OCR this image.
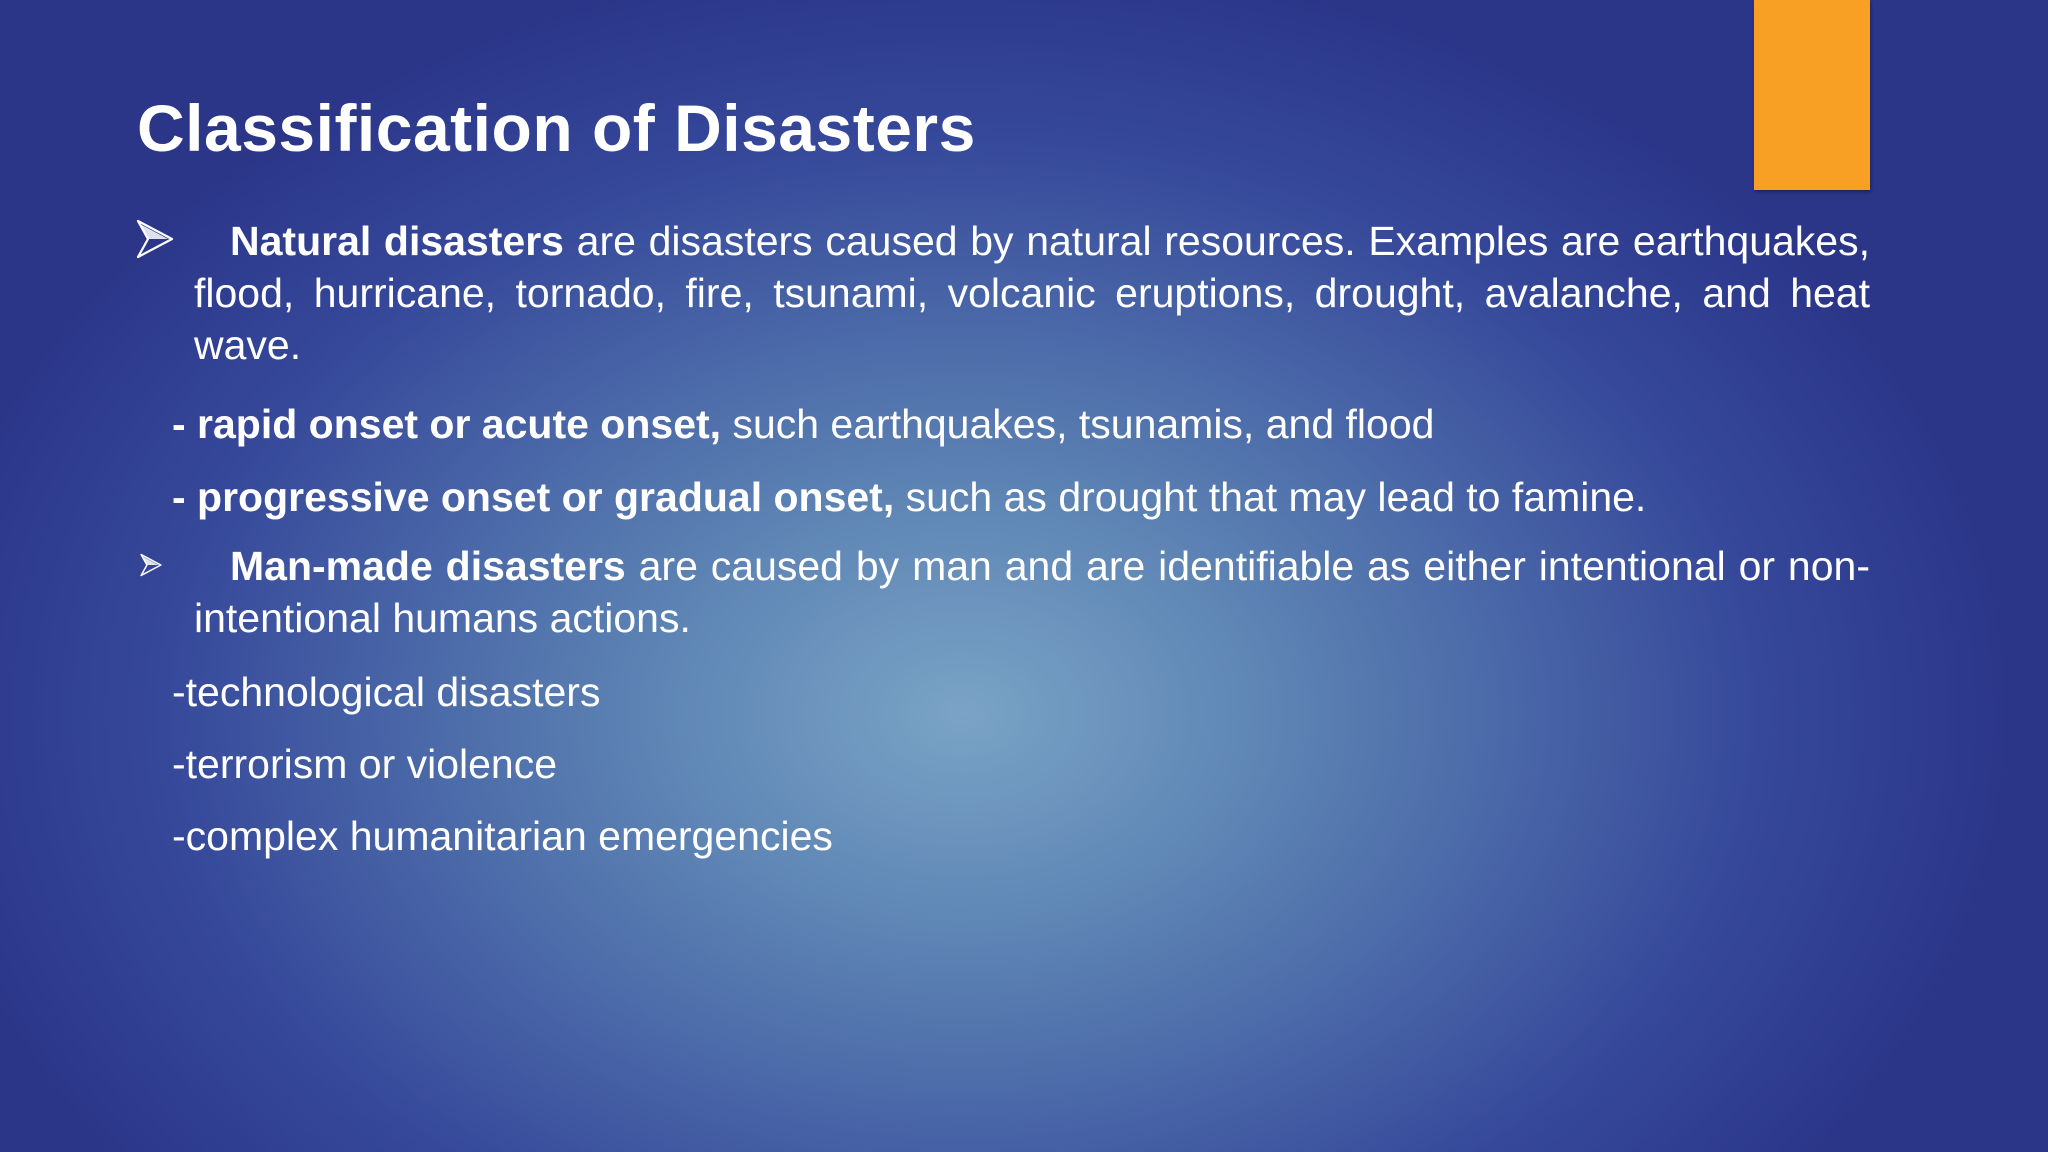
Classification of Disasters
Natural disasters are disasters caused by natural resources. Examples are earthquakes, flood, hurricane, tornado, fire, tsunami, volcanic eruptions, drought, avalanche, and heat wave.
- rapid onset or acute onset, such earthquakes, tsunamis, and flood
- progressive onset or gradual onset, such as drought that may lead to famine.
Man-made disasters are caused by man and are identifiable as either intentional or non-intentional humans actions.
-technological disasters
-terrorism or violence
-complex humanitarian emergencies
